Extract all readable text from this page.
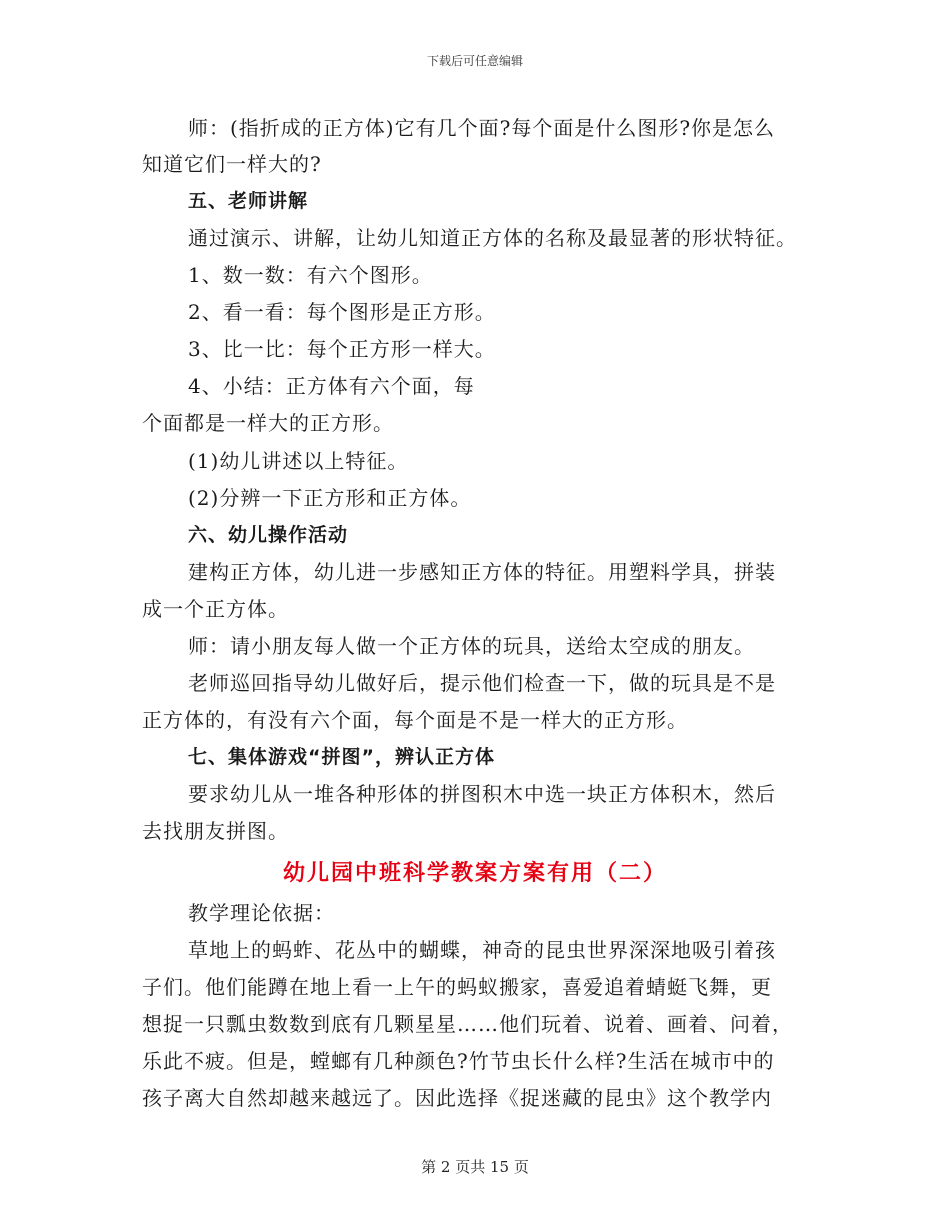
下载后可任意编辑
师：(指折成的正方体)它有几个面?每个面是什么图形?你是怎么
知道它们一样大的?
五、老师讲解
通过演示、讲解，让幼儿知道正方体的名称及最显著的形状特征。
1、数一数：有六个图形。
2、看一看：每个图形是正方形。
3、比一比：每个正方形一样大。
4、小结：正方体有六个面，每
个面都是一样大的正方形。
(1)幼儿讲述以上特征。
(2)分辨一下正方形和正方体。
六、幼儿操作活动
建构正方体，幼儿进一步感知正方体的特征。用塑料学具，拼装
成一个正方体。
师：请小朋友每人做一个正方体的玩具，送给太空成的朋友。
老师巡回指导幼儿做好后，提示他们检查一下，做的玩具是不是
正方体的，有没有六个面，每个面是不是一样大的正方形。
七、集体游戏“拼图”，辨认正方体
要求幼儿从一堆各种形体的拼图积木中选一块正方体积木，然后
去找朋友拼图。
幼儿园中班科学教案方案有用（二）
教学理论依据：
草地上的蚂蚱、花丛中的蝴蝶，神奇的昆虫世界深深地吸引着孩
子们。他们能蹲在地上看一上午的蚂蚁搬家，喜爱追着蜻蜓飞舞，更
想捉一只瓢虫数数到底有几颗星星……他们玩着、说着、画着、问着，
乐此不疲。但是，螳螂有几种颜色?竹节虫长什么样?生活在城市中的
孩子离大自然却越来越远了。因此选择《捉迷藏的昆虫》这个教学内
第 2 页共 15 页
